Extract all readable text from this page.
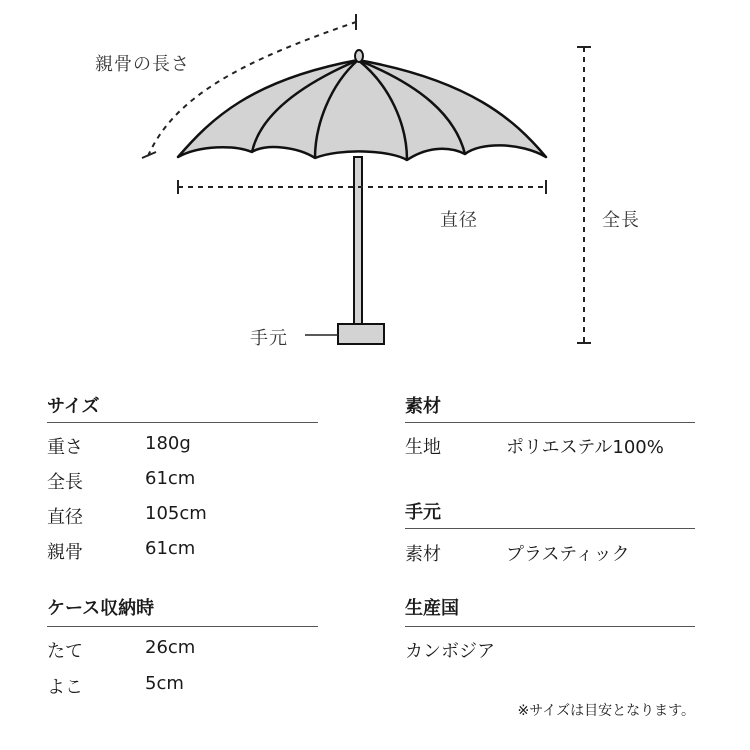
親骨の長さ
直径	全長
手元
サイズ
重さ	180g
全長	61cm
直径	105cm
親骨	61cm
ケース収納時
たて	26cm
よこ	5cm
素材
生地	ポリエステル100%
手元
素材	プラスティック
生産国
カンボジア
※サイズは目安となります。
